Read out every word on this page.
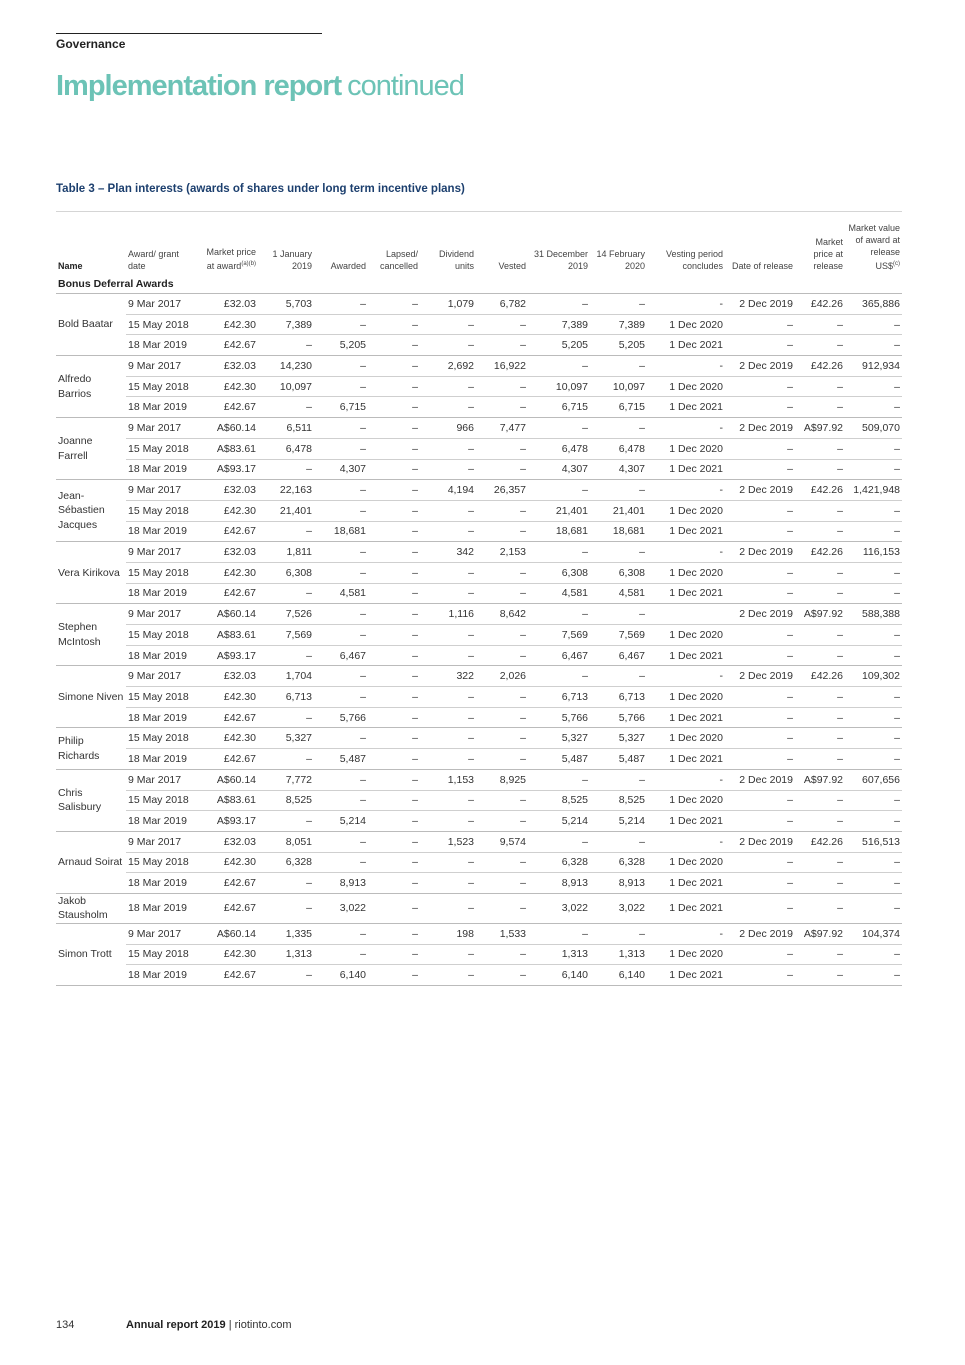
Governance
Implementation report continued
Table 3 – Plan interests (awards of shares under long term incentive plans)
Name	Award/ grant date	Market price at award$^{(a)(b)}$	1 January 2019	Awarded	Lapsed/ cancelled	Dividend units	Vested	31 December 2019	14 February 2020	Vesting period concludes	Date of release	Market price at release	Market value of award at release US\$$^{(c)}$
Bonus Deferral Awards													
Bold Baatar	9 Mar 2017	£32.03	5,703	–	–	1,079	6,782	–	–	-	2 Dec 2019	£42.26	365,886
	15 May 2018	£42.30	7,389	–	–	–	–	7,389	7,389	1 Dec 2020	–	–	–
	18 Mar 2019	£42.67	–	5,205	–	–	–	5,205	5,205	1 Dec 2021	–	–	–
Alfredo Barrios	9 Mar 2017	£32.03	14,230	–	–	2,692	16,922	–	–	-	2 Dec 2019	£42.26	912,934
	15 May 2018	£42.30	10,097	–	–	–	–	10,097	10,097	1 Dec 2020	–	–	–
	18 Mar 2019	£42.67	–	6,715	–	–	–	6,715	6,715	1 Dec 2021	–	–	–
Joanne Farrell	9 Mar 2017	A$60.14	6,511	–	–	966	7,477	–	–	-	2 Dec 2019	A$97.92	509,070
	15 May 2018	A$83.61	6,478	–	–	–	–	6,478	6,478	1 Dec 2020	–	–	–
	18 Mar 2019	A$93.17	–	4,307	–	–	–	4,307	4,307	1 Dec 2021	–	–	–
Jean-Sébastien Jacques	9 Mar 2017	£32.03	22,163	–	–	4,194	26,357	–	–	-	2 Dec 2019	£42.26	1,421,948
	15 May 2018	£42.30	21,401	–	–	–	–	21,401	21,401	1 Dec 2020	–	–	–
	18 Mar 2019	£42.67	–	18,681	–	–	–	18,681	18,681	1 Dec 2021	–	–	–
Vera Kirikova	9 Mar 2017	£32.03	1,811	–	–	342	2,153	–	–	-	2 Dec 2019	£42.26	116,153
	15 May 2018	£42.30	6,308	–	–	–	–	6,308	6,308	1 Dec 2020	–	–	–
	18 Mar 2019	£42.67	–	4,581	–	–	–	4,581	4,581	1 Dec 2021	–	–	–
Stephen McIntosh	9 Mar 2017	A$60.14	7,526	–	–	1,116	8,642	–	–		2 Dec 2019	A$97.92	588,388
	15 May 2018	A$83.61	7,569	–	–	–	–	7,569	7,569	1 Dec 2020	–	–	–
	18 Mar 2019	A$93.17	–	6,467	–	–	–	6,467	6,467	1 Dec 2021	–	–	–
Simone Niven	9 Mar 2017	£32.03	1,704	–	–	322	2,026	–	–	-	2 Dec 2019	£42.26	109,302
	15 May 2018	£42.30	6,713	–	–	–	–	6,713	6,713	1 Dec 2020	–	–	–
	18 Mar 2019	£42.67	–	5,766	–	–	–	5,766	5,766	1 Dec 2021	–	–	–
Philip Richards	15 May 2018	£42.30	5,327	–	–	–	–	5,327	5,327	1 Dec 2020	–	–	–
	18 Mar 2019	£42.67	–	5,487	–	–	–	5,487	5,487	1 Dec 2021	–	–	–
Chris Salisbury	9 Mar 2017	A$60.14	7,772	–	–	1,153	8,925	–	–	-	2 Dec 2019	A$97.92	607,656
	15 May 2018	A$83.61	8,525	–	–	–	–	8,525	8,525	1 Dec 2020	–	–	–
	18 Mar 2019	A$93.17	–	5,214	–	–	–	5,214	5,214	1 Dec 2021	–	–	–
Arnaud Soirat	9 Mar 2017	£32.03	8,051	–	–	1,523	9,574	–	–	-	2 Dec 2019	£42.26	516,513
	15 May 2018	£42.30	6,328	–	–	–	–	6,328	6,328	1 Dec 2020	–	–	–
	18 Mar 2019	£42.67	–	8,913	–	–	–	8,913	8,913	1 Dec 2021	–	–	–
Jakob Stausholm	18 Mar 2019	£42.67	–	3,022	–	–	–	3,022	3,022	1 Dec 2021	–	–	–
Simon Trott	9 Mar 2017	A$60.14	1,335	–	–	198	1,533	–	–	-	2 Dec 2019	A$97.92	104,374
	15 May 2018	£42.30	1,313	–	–	–	–	1,313	1,313	1 Dec 2020	–	–	–
	18 Mar 2019	£42.67	–	6,140	–	–	–	6,140	6,140	1 Dec 2021	–	–	–
134	Annual report 2019 | riotinto.com
